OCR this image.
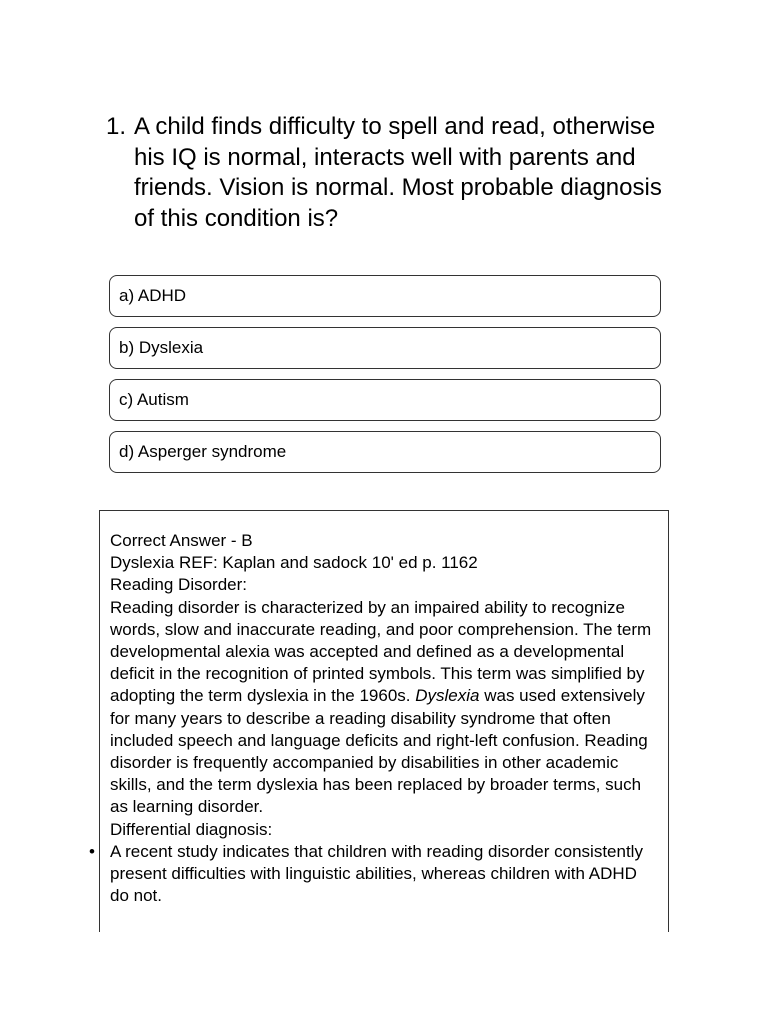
1. A child finds difficulty to spell and read, otherwise his IQ is normal, interacts well with parents and friends. Vision is normal. Most probable diagnosis of this condition is?
a) ADHD
b) Dyslexia
c) Autism
d) Asperger syndrome
Correct Answer - B
Dyslexia REF: Kaplan and sadock 10' ed p. 1162
Reading Disorder:

Reading disorder is characterized by an impaired ability to recognize words, slow and inaccurate reading, and poor comprehension. The term developmental alexia was accepted and defined as a developmental deficit in the recognition of printed symbols. This term was simplified by adopting the term dyslexia in the 1960s. Dyslexia was used extensively for many years to describe a reading disability syndrome that often included speech and language deficits and right-left confusion. Reading disorder is frequently accompanied by disabilities in other academic skills, and the term dyslexia has been replaced by broader terms, such as learning disorder.

Differential diagnosis:
• A recent study indicates that children with reading disorder consistently present difficulties with linguistic abilities, whereas children with ADHD do not.
